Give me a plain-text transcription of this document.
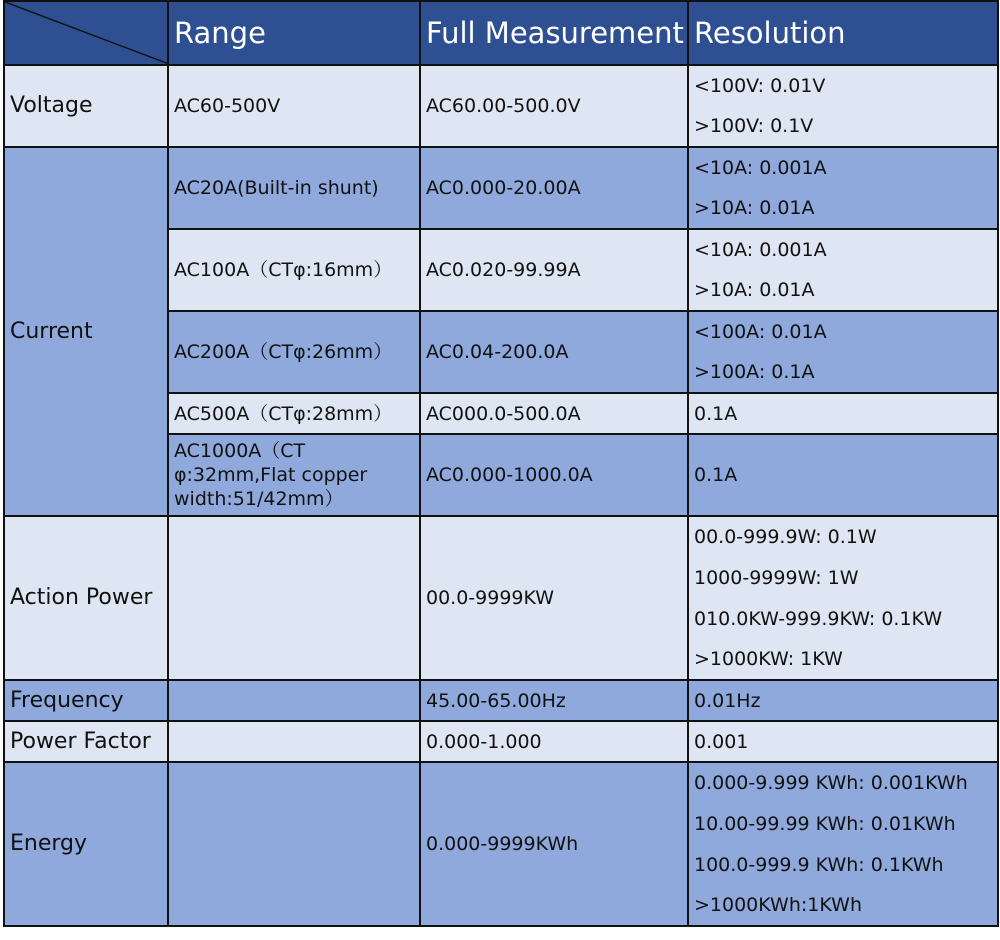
	Range	Full Measurement	Resolution
Voltage	AC60-500V	AC60.00-500.0V	<100V: 0.01V
			>100V: 0.1V
Current	AC20A(Built-in shunt)	AC0.000-20.00A	<10A: 0.001A
			>10A: 0.01A
	AC100A（CTφ:16mm）	AC0.020-99.99A	<10A: 0.001A
			>10A: 0.01A
	AC200A（CTφ:26mm）	AC0.04-200.0A	<100A: 0.01A
			>100A: 0.1A
	AC500A（CTφ:28mm）	AC000.0-500.0A	0.1A

	AC1000A（CT
φ:32mm,Flat copper
width:51/42mm）	AC0.000-1000.0A	0.1A

Action Power		00.0-9999KW	00.0-999.9W: 0.1W
			1000-9999W: 1W
			010.0KW-999.9KW: 0.1KW
			>1000KW: 1KW
Frequency		45.00-65.00Hz	0.01Hz
Power Factor		0.000-1.000	0.001
Energy		0.000-9999KWh	0.000-9.999 KWh: 0.001KWh
			10.00-99.99 KWh: 0.01KWh
			100.0-999.9 KWh: 0.1KWh
			>1000KWh:1KWh
